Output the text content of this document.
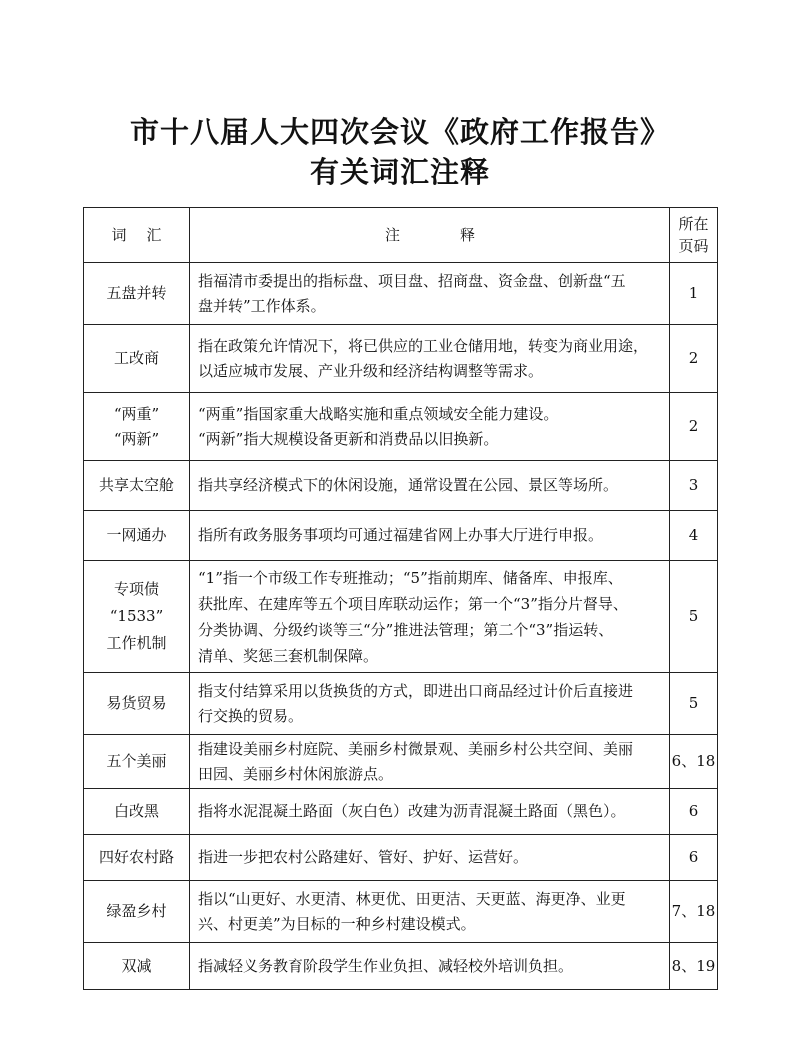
市十八届人大四次会议《政府工作报告》
有关词汇注释
词汇	注释	所在
页码

五盘并转	指福清市委提出的指标盘、项目盘、招商盘、资金盘、创新盘“五
盘并转”工作体系。	1

工改商	指在政策允许情况下，将已供应的工业仓储用地，转变为商业用途，
以适应城市发展、产业升级和经济结构调整等需求。	2

“两重”
“两新”	“两重”指国家重大战略实施和重点领域安全能力建设。
“两新”指大规模设备更新和消费品以旧换新。	2

共享太空舱	指共享经济模式下的休闲设施，通常设置在公园、景区等场所。	3

一网通办	指所有政务服务事项均可通过福建省网上办事大厅进行申报。	4

专项债
“1533”
工作机制	“1”指一个市级工作专班推动；“5”指前期库、储备库、申报库、
获批库、在建库等五个项目库联动运作；第一个“3”指分片督导、
分类协调、分级约谈等三“分”推进法管理；第二个“3”指运转、
清单、奖惩三套机制保障。	5

易货贸易	指支付结算采用以货换货的方式，即进出口商品经过计价后直接进
行交换的贸易。	5

五个美丽	指建设美丽乡村庭院、美丽乡村微景观、美丽乡村公共空间、美丽
田园、美丽乡村休闲旅游点。	6、18

白改黑	指将水泥混凝土路面（灰白色）改建为沥青混凝土路面（黑色）。	6

四好农村路	指进一步把农村公路建好、管好、护好、运营好。	6

绿盈乡村	指以“山更好、水更清、林更优、田更洁、天更蓝、海更净、业更
兴、村更美”为目标的一种乡村建设模式。	7、18

双减	指减轻义务教育阶段学生作业负担、减轻校外培训负担。	8、19
